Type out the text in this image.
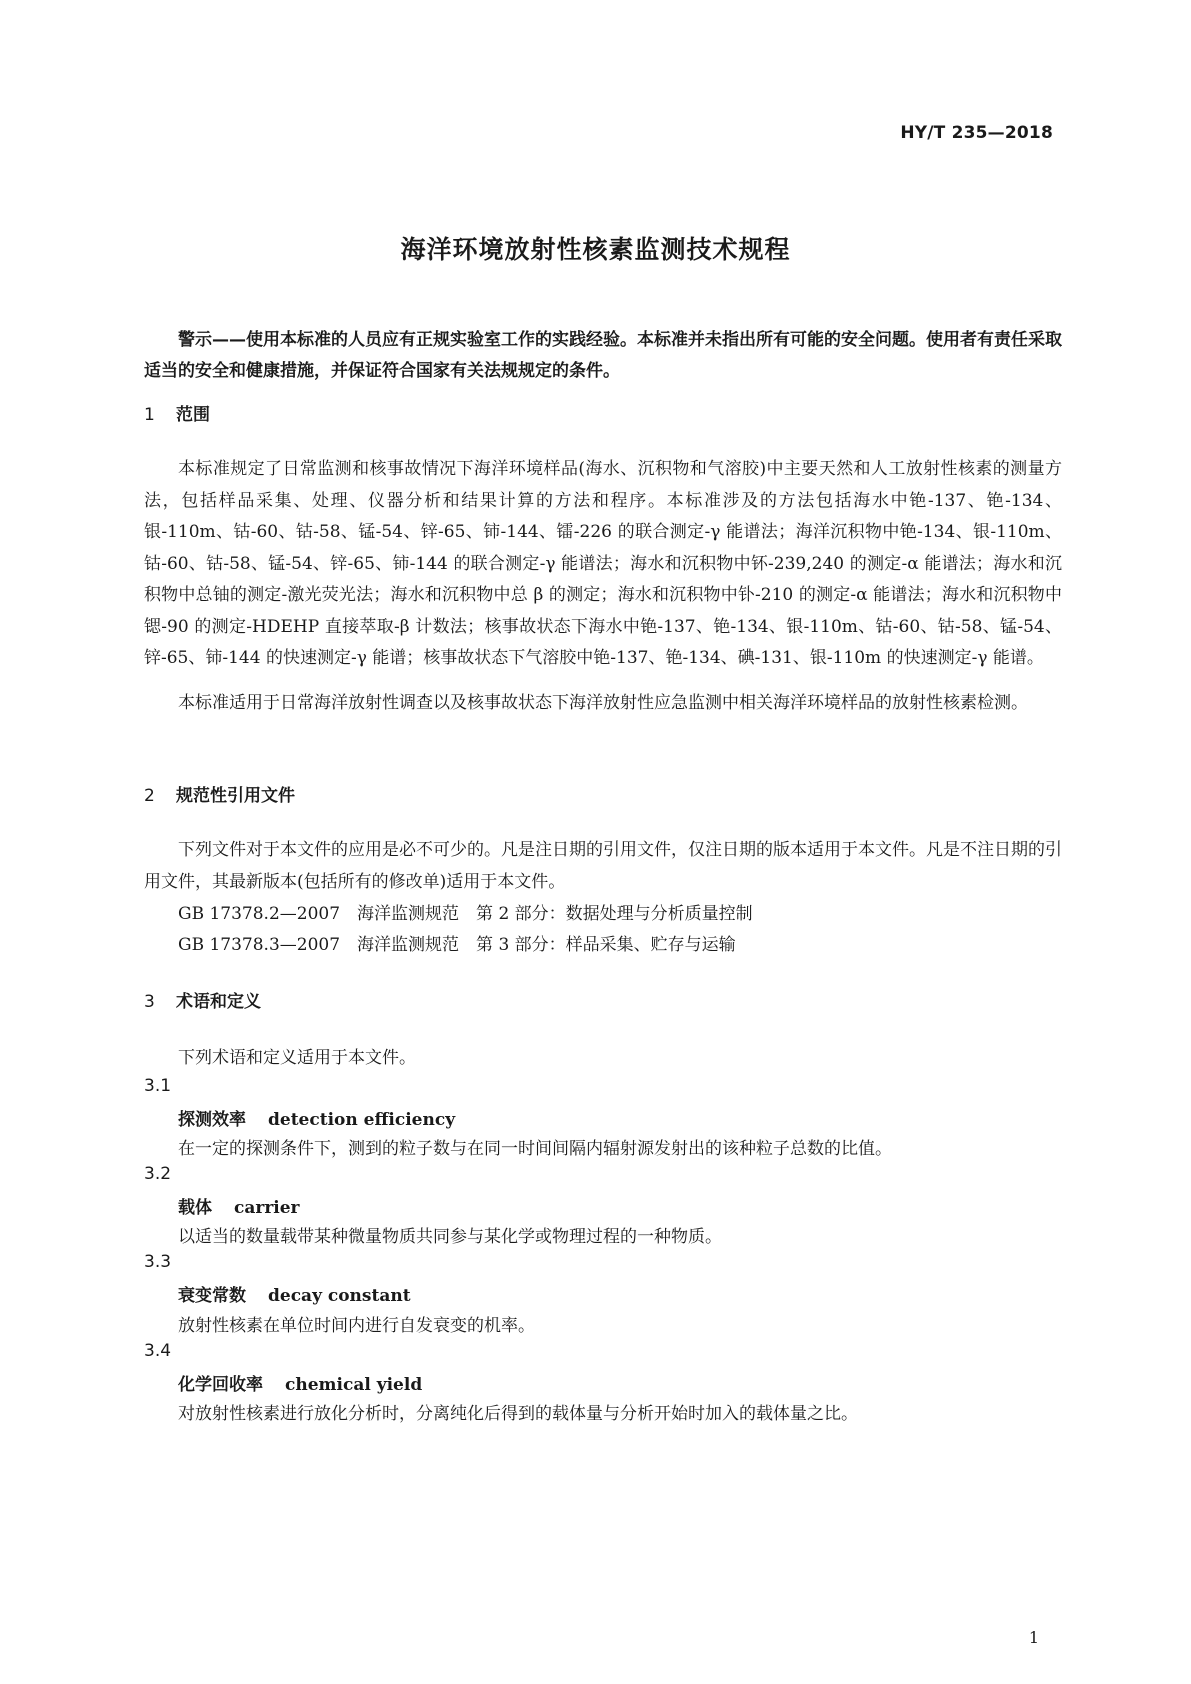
HY/T 235—2018
海洋环境放射性核素监测技术规程
警示——使用本标准的人员应有正规实验室工作的实践经验。本标准并未指出所有可能的安全问题。使用者有责任采取适当的安全和健康措施，并保证符合国家有关法规规定的条件。
1 范围
本标准规定了日常监测和核事故情况下海洋环境样品(海水、沉积物和气溶胶)中主要天然和人工放射性核素的测量方法，包括样品采集、处理、仪器分析和结果计算的方法和程序。本标准涉及的方法包括海水中铯-137、铯-134、银-110m、钴-60、钴-58、锰-54、锌-65、铈-144、镭-226 的联合测定-γ 能谱法；海洋沉积物中铯-134、银-110m、钴-60、钴-58、锰-54、锌-65、铈-144 的联合测定-γ 能谱法；海水和沉积物中钚-239,240 的测定-α 能谱法；海水和沉积物中总铀的测定-激光荧光法；海水和沉积物中总 β 的测定；海水和沉积物中钋-210 的测定-α 能谱法；海水和沉积物中锶-90 的测定-HDEHP 直接萃取-β 计数法；核事故状态下海水中铯-137、铯-134、银-110m、钴-60、钴-58、锰-54、锌-65、铈-144 的快速测定-γ 能谱；核事故状态下气溶胶中铯-137、铯-134、碘-131、银-110m 的快速测定-γ 能谱。
本标准适用于日常海洋放射性调查以及核事故状态下海洋放射性应急监测中相关海洋环境样品的放射性核素检测。
2 规范性引用文件
下列文件对于本文件的应用是必不可少的。凡是注日期的引用文件，仅注日期的版本适用于本文件。凡是不注日期的引用文件，其最新版本(包括所有的修改单)适用于本文件。
GB 17378.2—2007　海洋监测规范　第 2 部分：数据处理与分析质量控制
GB 17378.3—2007　海洋监测规范　第 3 部分：样品采集、贮存与运输
3 术语和定义
下列术语和定义适用于本文件。
3.1
探测效率 detection efficiency
在一定的探测条件下，测到的粒子数与在同一时间间隔内辐射源发射出的该种粒子总数的比值。
3.2
载体 carrier
以适当的数量载带某种微量物质共同参与某化学或物理过程的一种物质。
3.3
衰变常数 decay constant
放射性核素在单位时间内进行自发衰变的机率。
3.4
化学回收率 chemical yield
对放射性核素进行放化分析时，分离纯化后得到的载体量与分析开始时加入的载体量之比。
1
